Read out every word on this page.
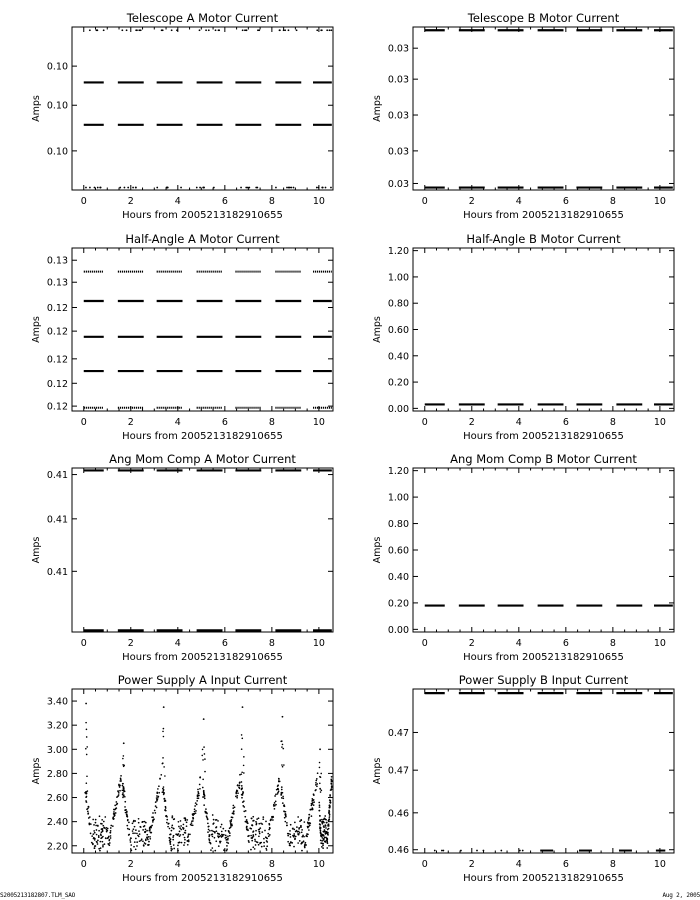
Telescope A Motor Current
Hours from 2005213182910655
Amps
0	2	4	6	8	10
0.10
0.10
0.10
Telescope B Motor Current
Hours from 2005213182910655
Amps
0	2	4	6	8	10
0.03
0.03
0.03
0.03
0.03
Half-Angle A Motor Current
Hours from 2005213182910655
Amps
0	2	4	6	8	10
0.13
0.13
0.12
0.12
0.12
0.12
0.12
Half-Angle B Motor Current
Hours from 2005213182910655
Amps
0	2	4	6	8	10
0.00
0.20
0.40
0.60
0.80
1.00
1.20
Ang Mom Comp A Motor Current
Hours from 2005213182910655
Amps
0	2	4	6	8	10
0.41
0.41
0.41
Ang Mom Comp B Motor Current
Hours from 2005213182910655
Amps
0	2	4	6	8	10
0.00
0.20
0.40
0.60
0.80
1.00
1.20
Power Supply A Input Current
Hours from 2005213182910655
Amps
0	2	4	6	8	10
2.20
2.40
2.60
2.80
3.00
3.20
3.40
Power Supply B Input Current
Hours from 2005213182910655
Amps
0	2	4	6	8	10
0.47
0.47
0.46
0.46
S2005213182807.TLM_SAO	Aug 2, 2005
